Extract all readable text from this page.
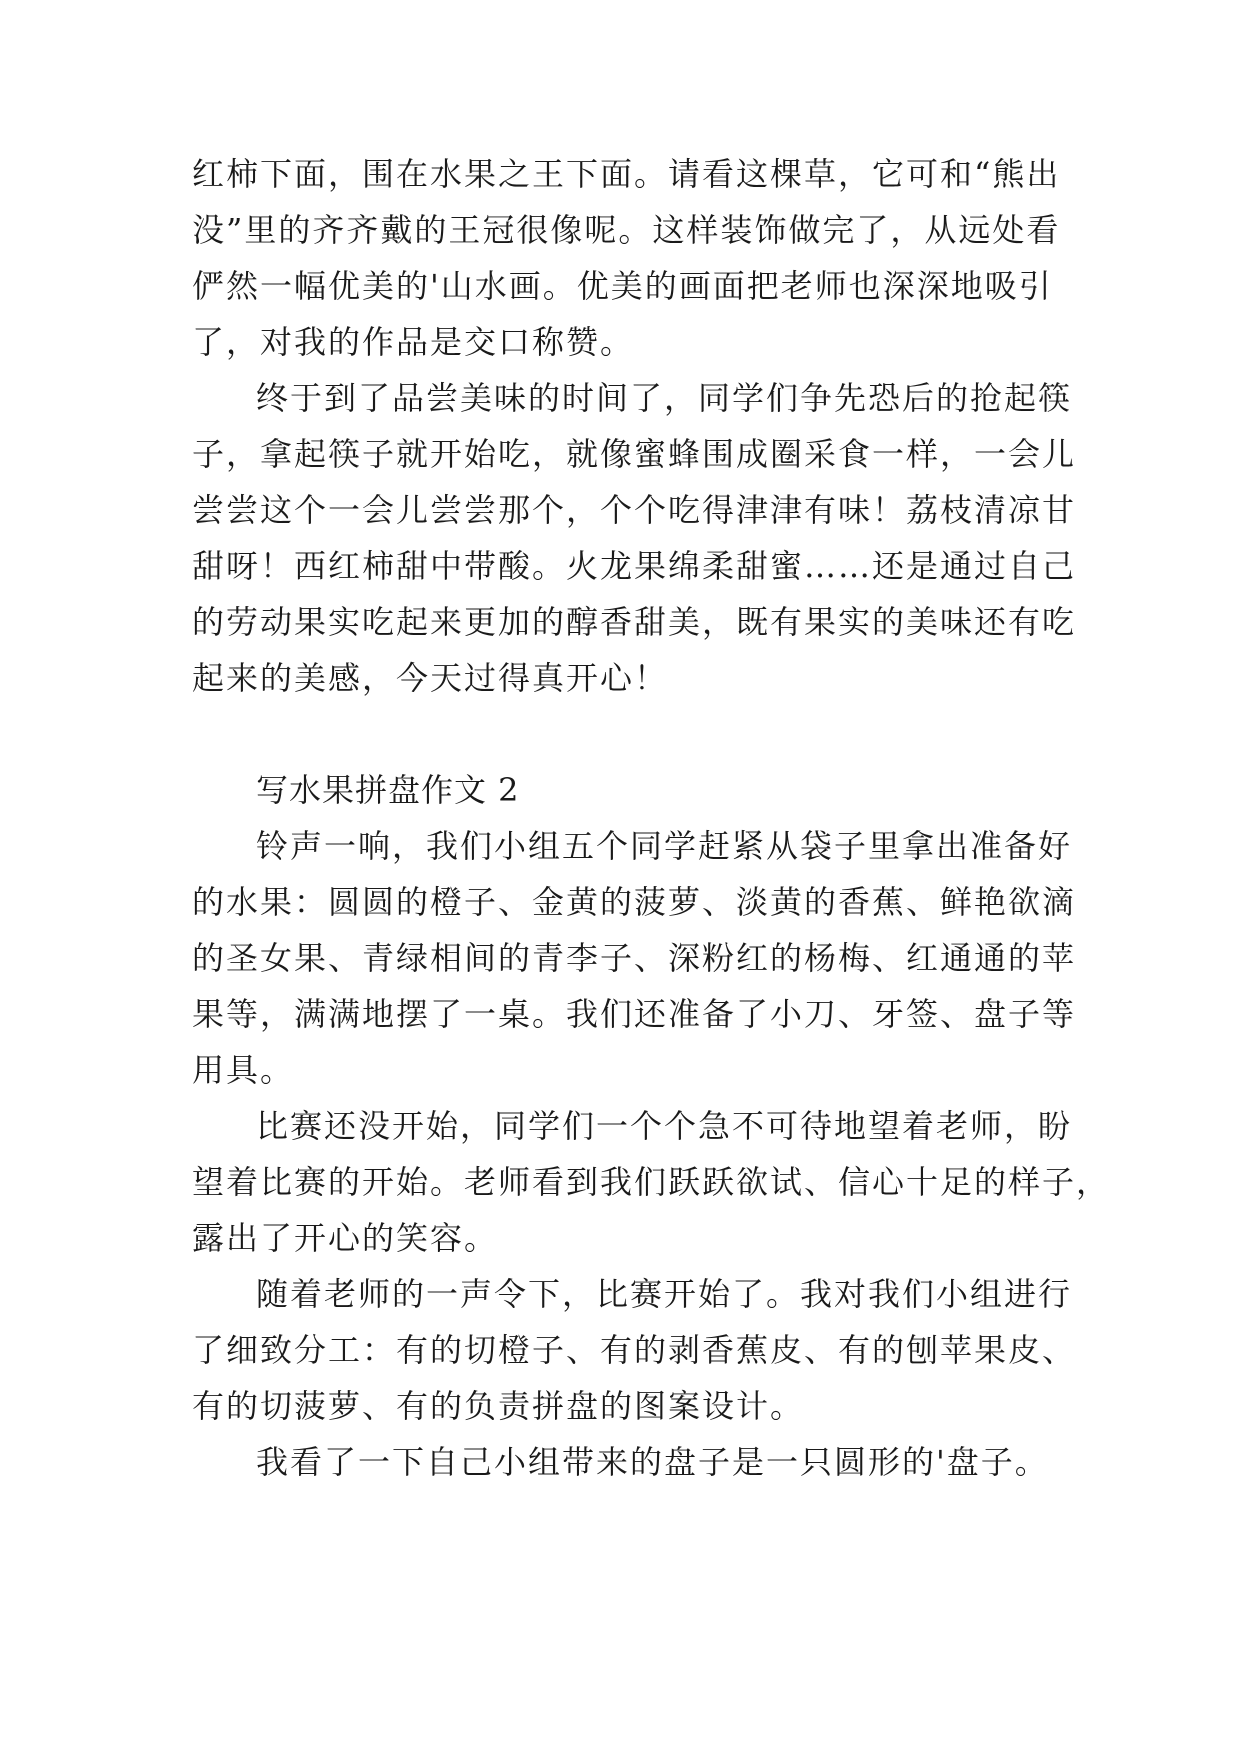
红柿下面，围在水果之王下面。请看这棵草，它可和“熊出
没”里的齐齐戴的王冠很像呢。这样装饰做完了，从远处看
俨然一幅优美的'山水画。优美的画面把老师也深深地吸引
了，对我的作品是交口称赞。
终于到了品尝美味的时间了，同学们争先恐后的抢起筷
子，拿起筷子就开始吃，就像蜜蜂围成圈采食一样，一会儿
尝尝这个一会儿尝尝那个，个个吃得津津有味！荔枝清凉甘
甜呀！西红柿甜中带酸。火龙果绵柔甜蜜……还是通过自己
的劳动果实吃起来更加的醇香甜美，既有果实的美味还有吃
起来的美感，今天过得真开心！
写水果拼盘作文 2
铃声一响，我们小组五个同学赶紧从袋子里拿出准备好
的水果：圆圆的橙子、金黄的菠萝、淡黄的香蕉、鲜艳欲滴
的圣女果、青绿相间的青李子、深粉红的杨梅、红通通的苹
果等，满满地摆了一桌。我们还准备了小刀、牙签、盘子等
用具。
比赛还没开始，同学们一个个急不可待地望着老师，盼
望着比赛的开始。老师看到我们跃跃欲试、信心十足的样子，
露出了开心的笑容。
随着老师的一声令下，比赛开始了。我对我们小组进行
了细致分工：有的切橙子、有的剥香蕉皮、有的刨苹果皮、
有的切菠萝、有的负责拼盘的图案设计。
我看了一下自己小组带来的盘子是一只圆形的'盘子。
